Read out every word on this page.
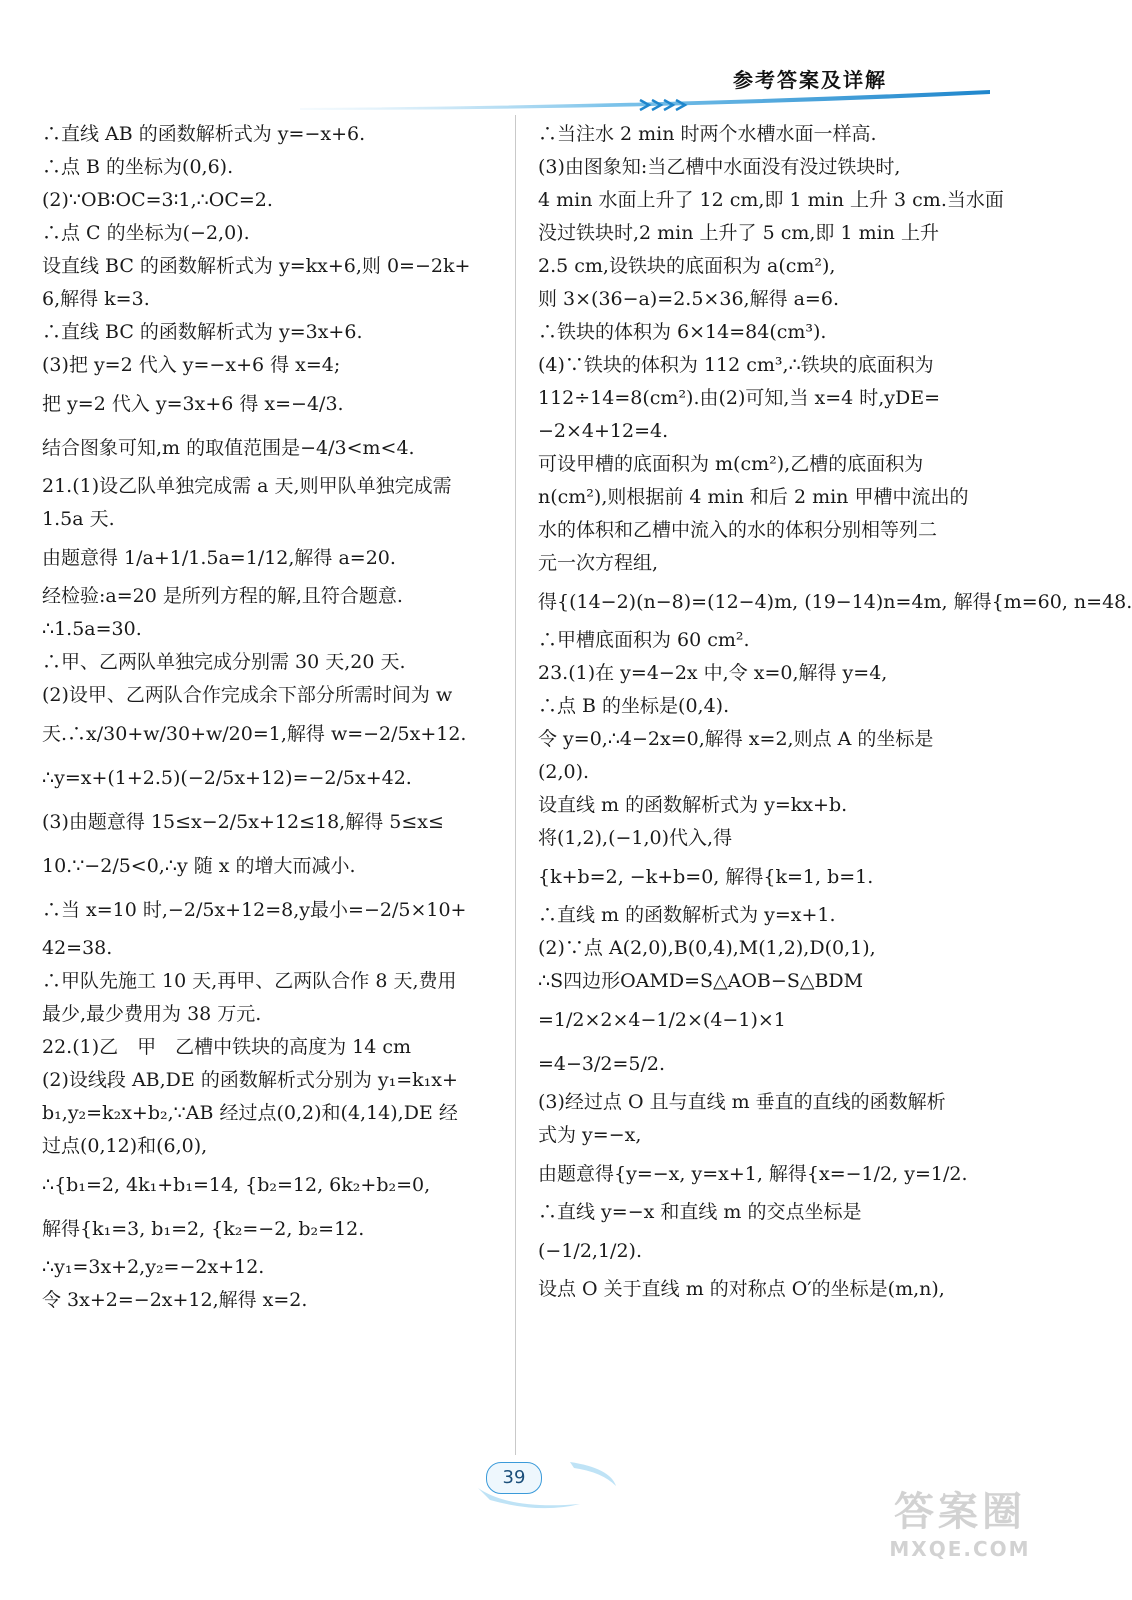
参考答案及详解
∴直线 AB 的函数解析式为 y=−x+6.
∴点 B 的坐标为(0,6).
(2)∵OB∶OC=3∶1,∴OC=2.
∴点 C 的坐标为(−2,0).
设直线 BC 的函数解析式为 y=kx+6,则 0=−2k+
6,解得 k=3.
∴直线 BC 的函数解析式为 y=3x+6.
(3)把 y=2 代入 y=−x+6 得 x=4;
把 y=2 代入 y=3x+6 得 x=−4/3.
结合图象可知,m 的取值范围是−4/3<m<4.
21.(1)设乙队单独完成需 a 天,则甲队单独完成需
1.5a 天.
由题意得 1/a+1/1.5a=1/12,解得 a=20.
经检验:a=20 是所列方程的解,且符合题意.
∴1.5a=30.
∴甲、乙两队单独完成分别需 30 天,20 天.
(2)设甲、乙两队合作完成余下部分所需时间为 w
天.∴x/30+w/30+w/20=1,解得 w=−2/5x+12.
∴y=x+(1+2.5)(−2/5x+12)=−2/5x+42.
(3)由题意得 15≤x−2/5x+12≤18,解得 5≤x≤
10.∵−2/5<0,∴y 随 x 的增大而减小.
∴当 x=10 时,−2/5x+12=8,y最小=−2/5×10+
42=38.
∴甲队先施工 10 天,再甲、乙两队合作 8 天,费用
最少,最少费用为 38 万元.
22.(1)乙　甲　乙槽中铁块的高度为 14 cm
(2)设线段 AB,DE 的函数解析式分别为 y₁=k₁x+
b₁,y₂=k₂x+b₂,∵AB 经过点(0,2)和(4,14),DE 经
过点(0,12)和(6,0),
∴{b₁=2, 4k₁+b₁=14, {b₂=12, 6k₂+b₂=0,
解得{k₁=3, b₁=2, {k₂=−2, b₂=12.
∴y₁=3x+2,y₂=−2x+12.
令 3x+2=−2x+12,解得 x=2.
∴当注水 2 min 时两个水槽水面一样高.
(3)由图象知:当乙槽中水面没有没过铁块时,
4 min 水面上升了 12 cm,即 1 min 上升 3 cm.当水面
没过铁块时,2 min 上升了 5 cm,即 1 min 上升
2.5 cm,设铁块的底面积为 a(cm²),
则 3×(36−a)=2.5×36,解得 a=6.
∴铁块的体积为 6×14=84(cm³).
(4)∵铁块的体积为 112 cm³,∴铁块的底面积为
112÷14=8(cm²).由(2)可知,当 x=4 时,yDE=
−2×4+12=4.
可设甲槽的底面积为 m(cm²),乙槽的底面积为
n(cm²),则根据前 4 min 和后 2 min 甲槽中流出的
水的体积和乙槽中流入的水的体积分别相等列二
元一次方程组,
得{(14−2)(n−8)=(12−4)m, (19−14)n=4m, 解得{m=60, n=48.
∴甲槽底面积为 60 cm².
23.(1)在 y=4−2x 中,令 x=0,解得 y=4,
∴点 B 的坐标是(0,4).
令 y=0,∴4−2x=0,解得 x=2,则点 A 的坐标是
(2,0).
设直线 m 的函数解析式为 y=kx+b.
将(1,2),(−1,0)代入,得
{k+b=2, −k+b=0, 解得{k=1, b=1.
∴直线 m 的函数解析式为 y=x+1.
(2)∵点 A(2,0),B(0,4),M(1,2),D(0,1),
∴S四边形OAMD=S△AOB−S△BDM
=1/2×2×4−1/2×(4−1)×1
=4−3/2=5/2.
(3)经过点 O 且与直线 m 垂直的直线的函数解析
式为 y=−x,
由题意得{y=−x, y=x+1, 解得{x=−1/2, y=1/2.
∴直线 y=−x 和直线 m 的交点坐标是
(−1/2,1/2).
设点 O 关于直线 m 的对称点 O′的坐标是(m,n),
39
答案圈
MXQE.COM
